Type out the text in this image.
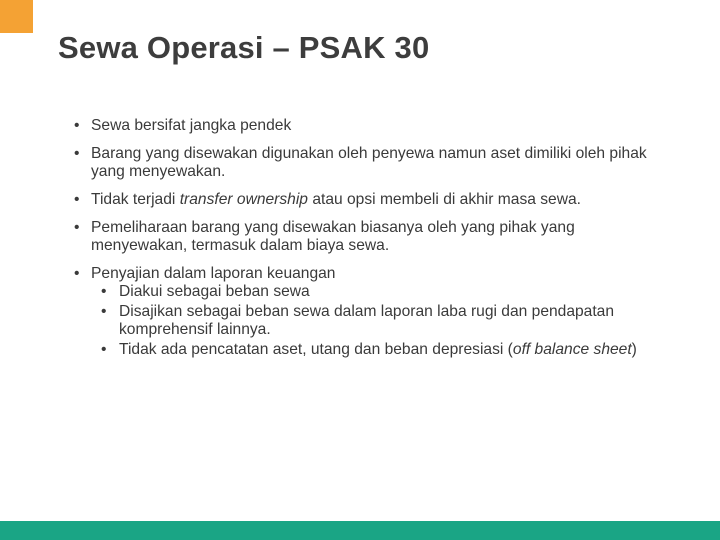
Sewa Operasi – PSAK 30
• Sewa bersifat jangka pendek
• Barang yang disewakan digunakan oleh penyewa namun aset dimiliki oleh pihak yang menyewakan.
• Tidak terjadi transfer ownership atau opsi membeli di akhir masa sewa.
• Pemeliharaan barang yang disewakan biasanya oleh yang pihak yang menyewakan, termasuk dalam biaya sewa.
• Penyajian dalam laporan keuangan
• Diakui sebagai beban sewa
• Disajikan sebagai beban sewa dalam laporan laba rugi dan pendapatan komprehensif lainnya.
• Tidak ada pencatatan aset, utang dan beban depresiasi (off balance sheet)
